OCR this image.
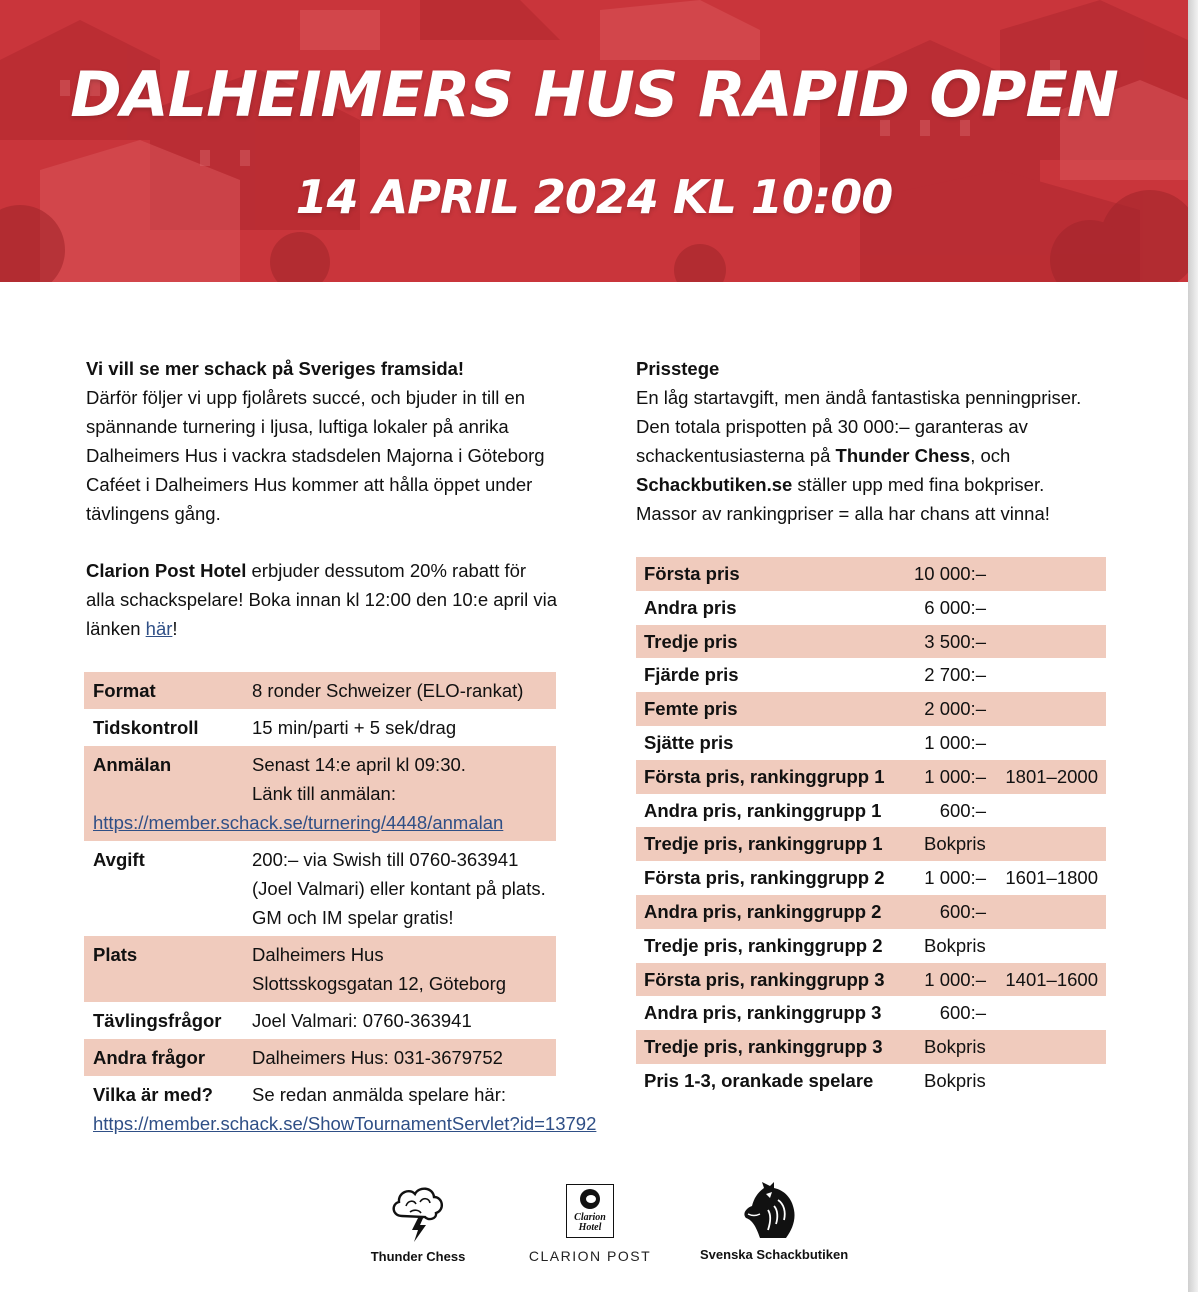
DALHEIMERS HUS RAPID OPEN
14 APRIL 2024 KL 10:00
Vi vill se mer schack på Sveriges framsida!
Därför följer vi upp fjolårets succé, och bjuder in till en
spännande turnering i ljusa, luftiga lokaler på anrika
Dalheimers Hus i vackra stadsdelen Majorna i Göteborg
Caféet i Dalheimers Hus kommer att hålla öppet under
tävlingens gång.
Clarion Post Hotel erbjuder dessutom 20% rabatt för
alla schackspelare! Boka innan kl 12:00 den 10:e april via
länken här!
Format	8 ronder Schweizer (ELO-rankat)
Tidskontroll	15 min/parti + 5 sek/drag
Anmälan	Senast 14:e april kl 09:30.
Länk till anmälan:
https://member.schack.se/turnering/4448/anmalan
Avgift	200:– via Swish till 0760-363941
(Joel Valmari) eller kontant på plats.
GM och IM spelar gratis!
Plats	Dalheimers Hus
Slottsskogsgatan 12, Göteborg
Tävlingsfrågor Joel Valmari: 0760-363941
Andra frågor	Dalheimers Hus: 031-3679752
Vilka är med? Se redan anmälda spelare här:
https://member.schack.se/ShowTournamentServlet?id=13792
Prisstege
En låg startavgift, men ändå fantastiska penningpriser.
Den totala prispotten på 30 000:– garanteras av
schackentusiasterna på Thunder Chess, och
Schackbutiken.se ställer upp med fina bokpriser.
Massor av rankingpriser = alla har chans att vinna!
Första pris	10 000:–
Andra pris	6 000:–
Tredje pris	3 500:–
Fjärde pris	2 700:–
Femte pris	2 000:–
Sjätte pris	1 000:–
Första pris, rankinggrupp 1	1 000:–	1801–2000
Andra pris, rankinggrupp 1	600:–
Tredje pris, rankinggrupp 1 Bokpris
Första pris, rankinggrupp 2	1 000:–	1601–1800
Andra pris, rankinggrupp 2	600:–
Tredje pris, rankinggrupp 2 Bokpris
Första pris, rankinggrupp 3	1 000:–	1401–1600
Andra pris, rankinggrupp 3	600:–
Tredje pris, rankinggrupp 3 Bokpris
Pris 1-3, orankade spelare	Bokpris
Thunder Chess
Clarion
Hotel
CLARION POST	Svenska Schackbutiken
